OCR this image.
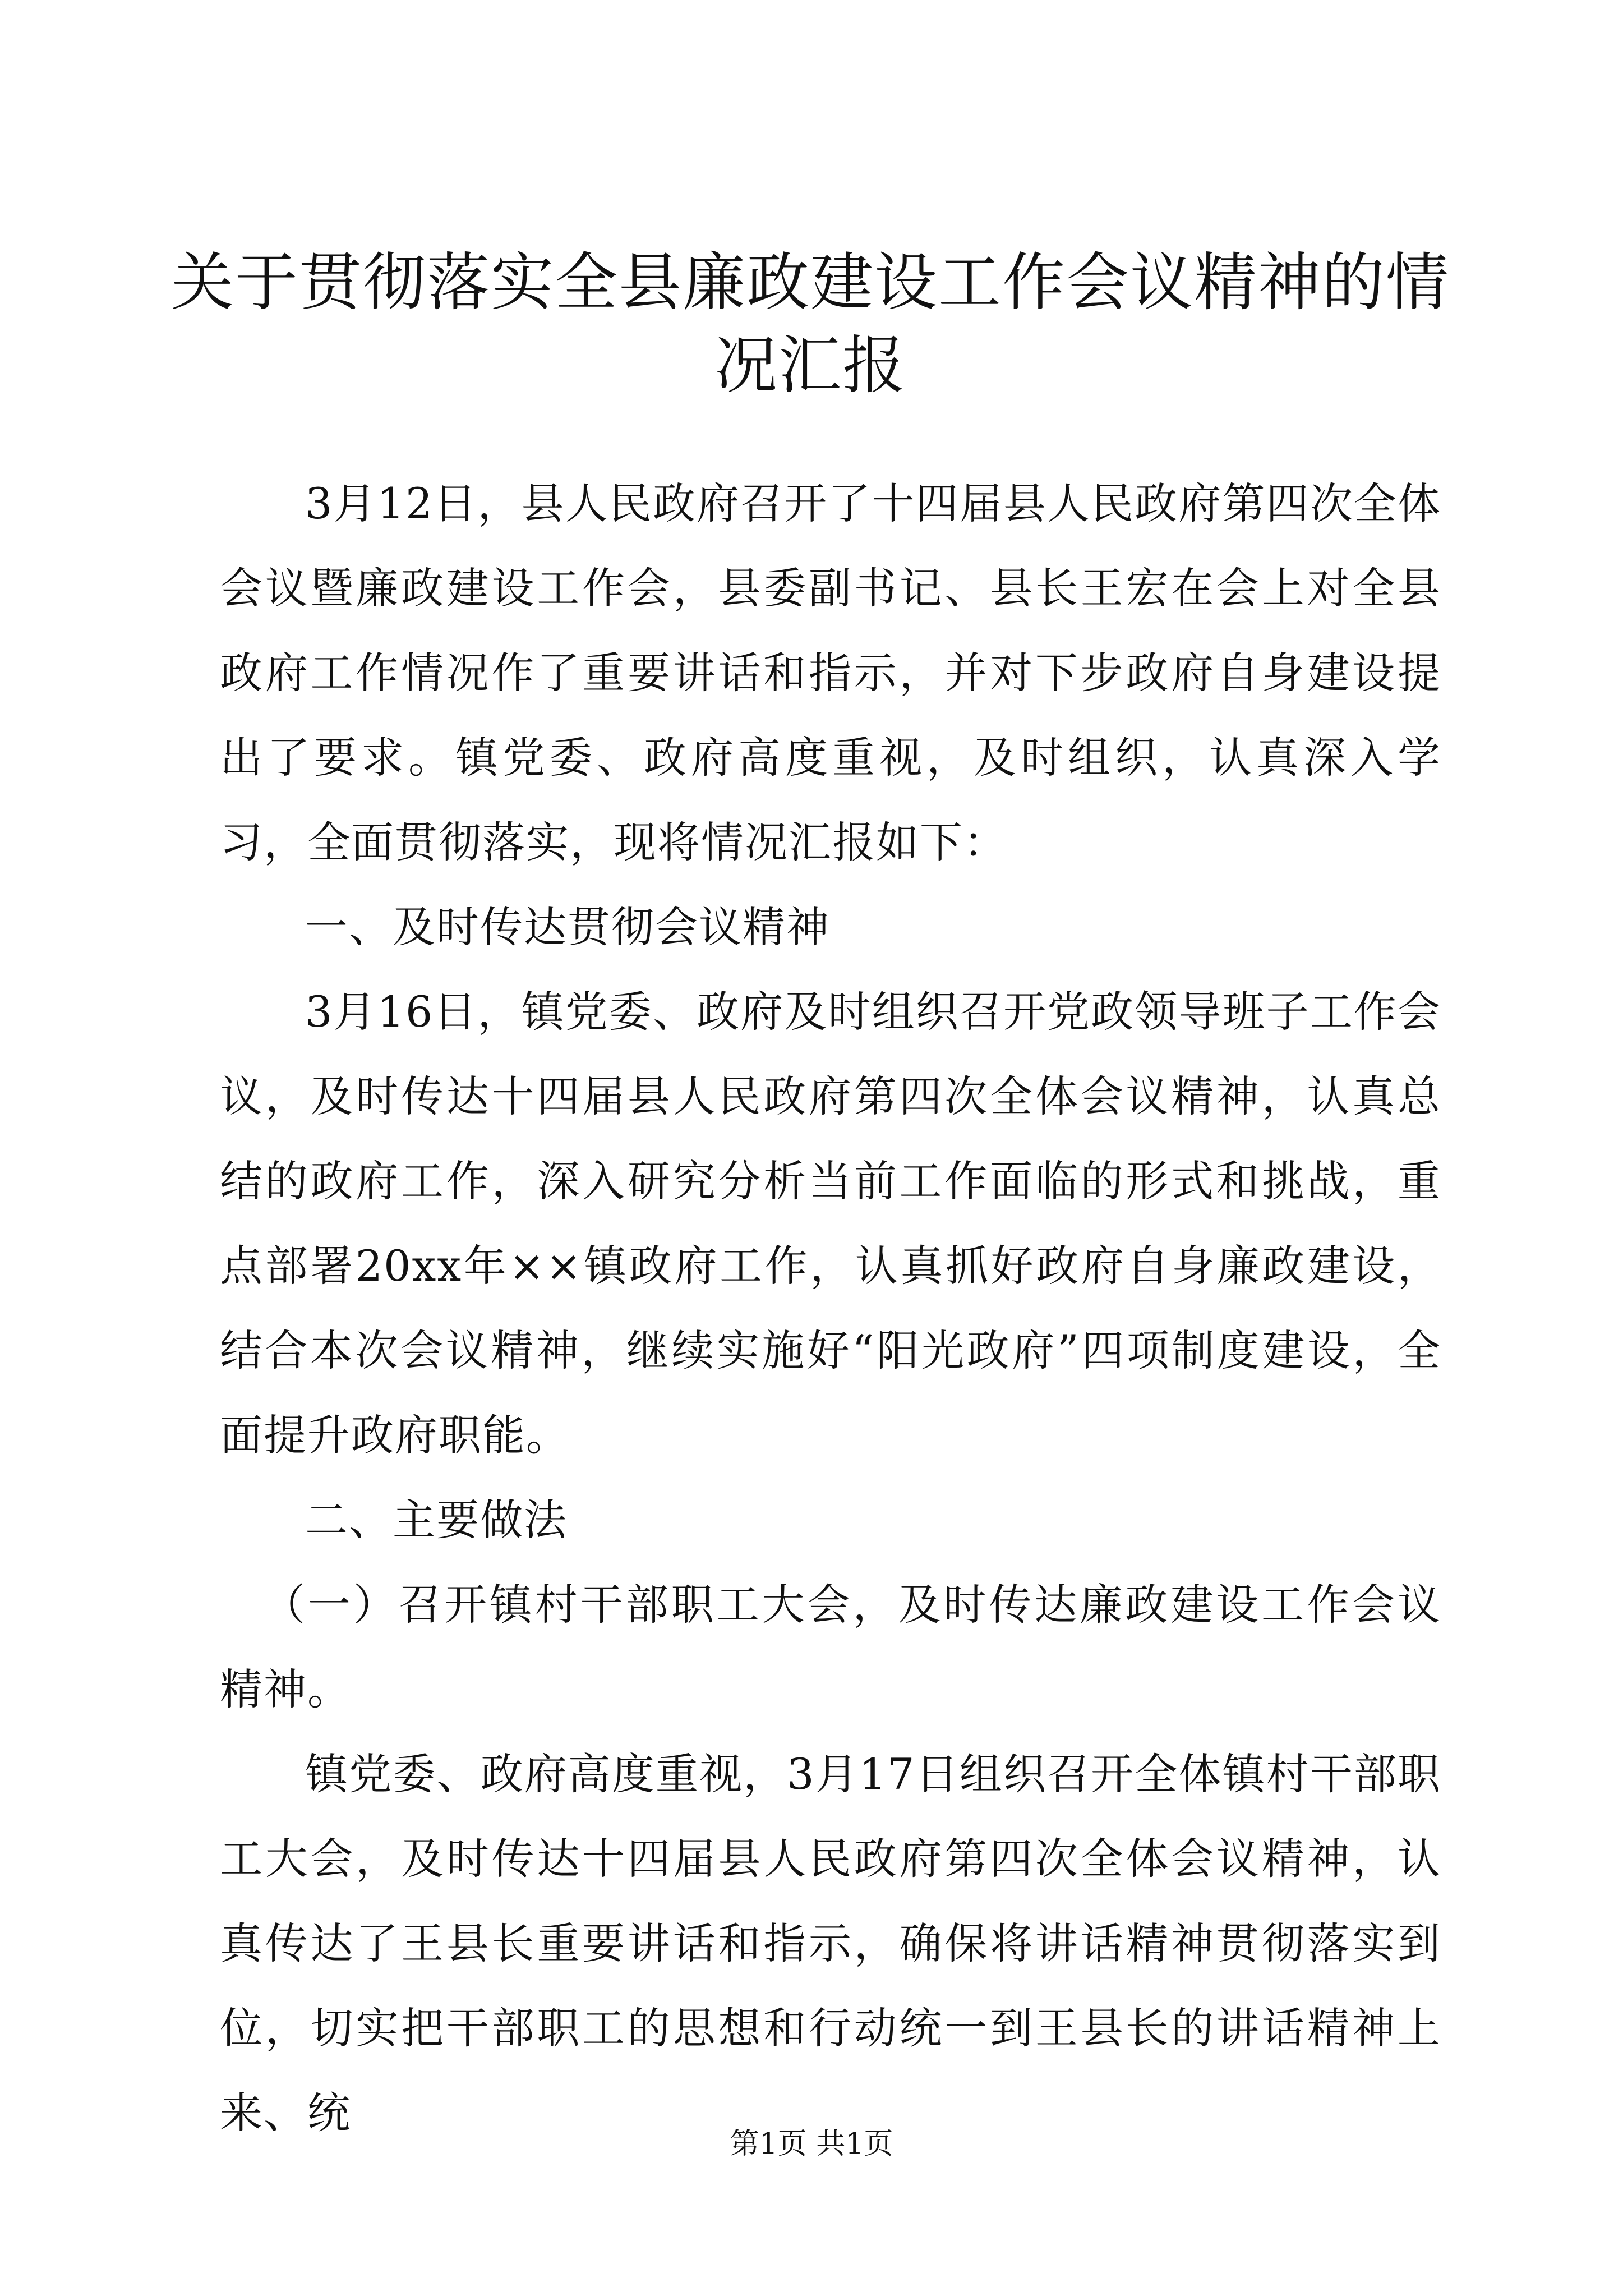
关于贯彻落实全县廉政建设工作会议精神的情况汇报

3月12日，县人民政府召开了十四届县人民政府第四次全体会议暨廉政建设工作会，县委副书记、县长王宏在会上对全县政府工作情况作了重要讲话和指示，并对下步政府自身建设提出了要求。镇党委、政府高度重视，及时组织，认真深入学习，全面贯彻落实，现将情况汇报如下：

一、及时传达贯彻会议精神

3月16日，镇党委、政府及时组织召开党政领导班子工作会议，及时传达十四届县人民政府第四次全体会议精神，认真总结的政府工作，深入研究分析当前工作面临的形式和挑战，重点部署20xx年××镇政府工作，认真抓好政府自身廉政建设，结合本次会议精神，继续实施好“阳光政府”四项制度建设，全面提升政府职能。

二、主要做法

（一）召开镇村干部职工大会，及时传达廉政建设工作会议精神。

镇党委、政府高度重视，3月17日组织召开全体镇村干部职工大会，及时传达十四届县人民政府第四次全体会议精神，认真传达了王县长重要讲话和指示，确保将讲话精神贯彻落实到位，切实把干部职工的思想和行动统一到王县长的讲话精神上来、统

第1页 共1页
